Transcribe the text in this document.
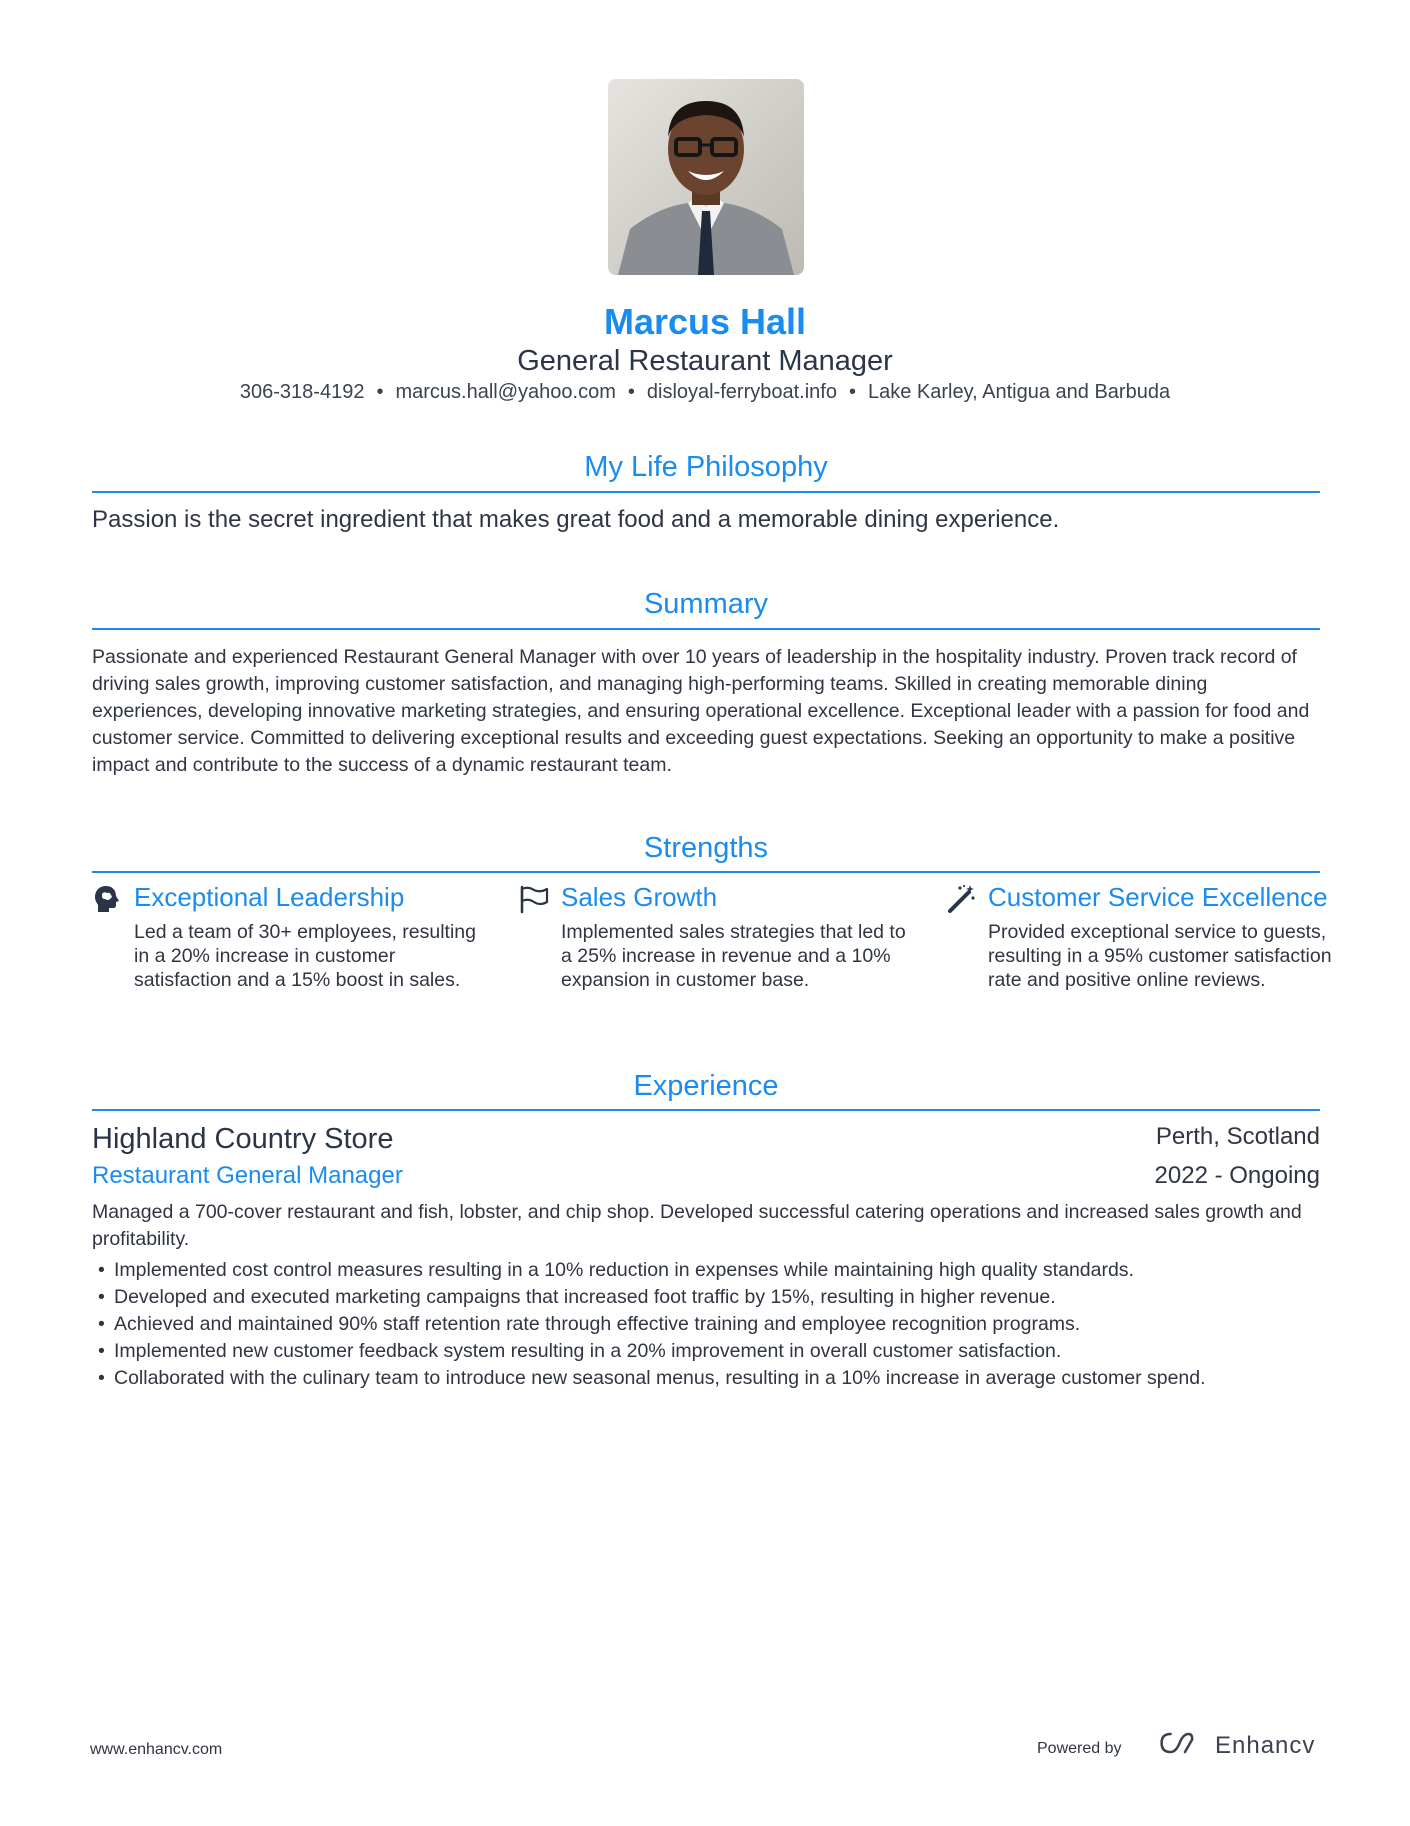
Marcus Hall
General Restaurant Manager
306-318-4192 • marcus.hall@yahoo.com • disloyal-ferryboat.info • Lake Karley, Antigua and Barbuda
My Life Philosophy
Passion is the secret ingredient that makes great food and a memorable dining experience.
Summary
Passionate and experienced Restaurant General Manager with over 10 years of leadership in the hospitality industry. Proven track record of driving sales growth, improving customer satisfaction, and managing high-performing teams. Skilled in creating memorable dining experiences, developing innovative marketing strategies, and ensuring operational excellence. Exceptional leader with a passion for food and customer service. Committed to delivering exceptional results and exceeding guest expectations. Seeking an opportunity to make a positive impact and contribute to the success of a dynamic restaurant team.
Strengths
Exceptional Leadership
Led a team of 30+ employees, resulting in a 20% increase in customer satisfaction and a 15% boost in sales.
Sales Growth
Implemented sales strategies that led to a 25% increase in revenue and a 10% expansion in customer base.
Customer Service Excellence
Provided exceptional service to guests, resulting in a 95% customer satisfaction rate and positive online reviews.
Experience
Highland Country Store	Perth, Scotland
Restaurant General Manager	2022 - Ongoing
Managed a 700-cover restaurant and fish, lobster, and chip shop. Developed successful catering operations and increased sales growth and profitability.
• Implemented cost control measures resulting in a 10% reduction in expenses while maintaining high quality standards.
• Developed and executed marketing campaigns that increased foot traffic by 15%, resulting in higher revenue.
• Achieved and maintained 90% staff retention rate through effective training and employee recognition programs.
• Implemented new customer feedback system resulting in a 20% improvement in overall customer satisfaction.
• Collaborated with the culinary team to introduce new seasonal menus, resulting in a 10% increase in average customer spend.
www.enhancv.com	Powered by	Enhancv
